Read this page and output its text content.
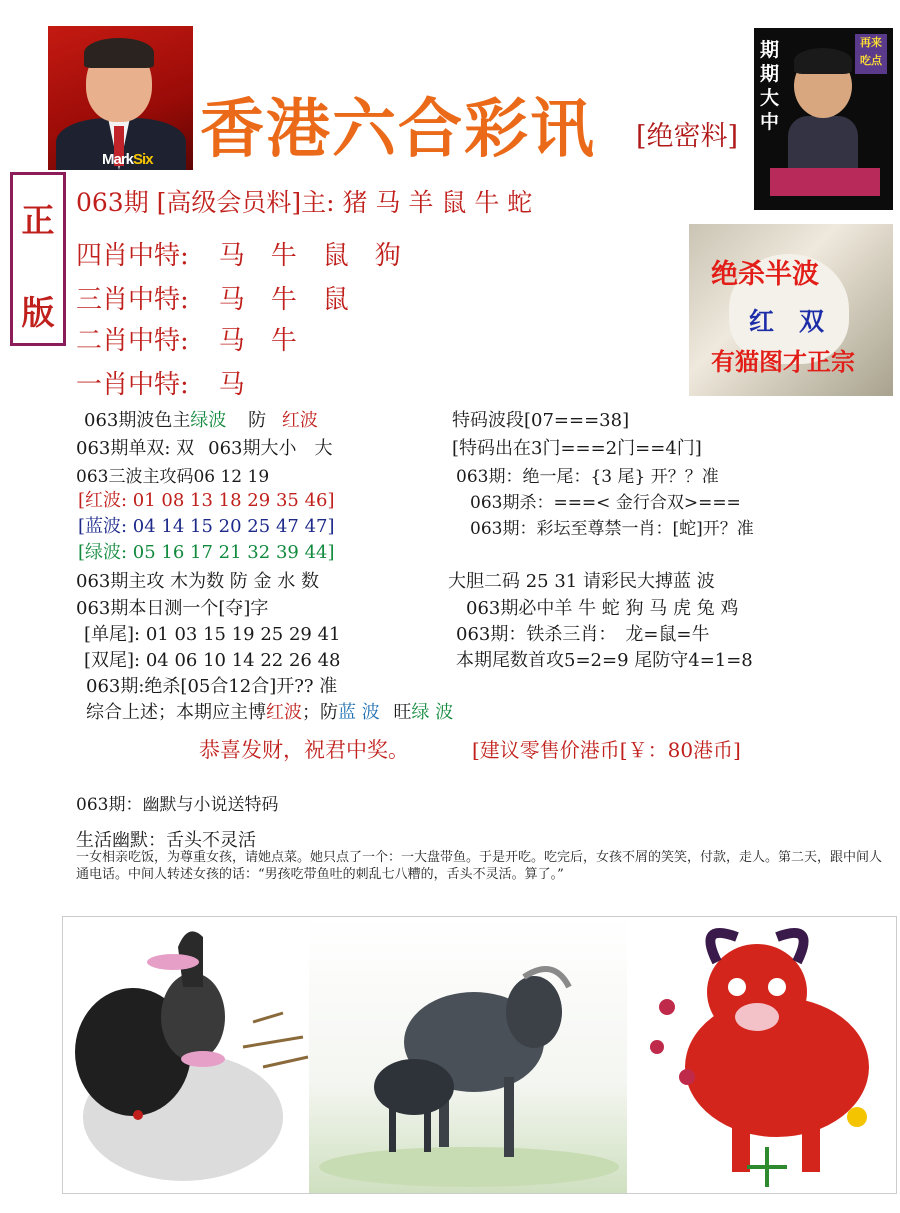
MarkSix 香港六合彩讯 [绝密料]
期期大中
再来吃点
正
版
063期 [高级会员料]主: 猪 马 羊 鼠 牛 蛇
四肖中特: 马　牛　鼠　狗
三肖中特: 马　牛　鼠
二肖中特: 马　牛
一肖中特: 马
绝杀半波
红　双
有猫图才正宗
063期波色主绿波 防 红波
063期单双: 双 063期大小　大
063三波主攻码06 12 19
[红波: 01 08 13 18 29 35 46]
[蓝波: 04 14 15 20 25 47 47]
[绿波: 05 16 17 21 32 39 44]
063期主攻 木为数 防 金 水 数
063期本日测一个[夺]字
[单尾]: 01 03 15 19 25 29 41
[双尾]: 04 06 10 14 22 26 48
063期:绝杀[05合12合]开?? 准
综合上述；本期应主博红波；防蓝 波 旺绿 波
特码波段[07===38]
[特码出在3门===2门==4门]
063期：绝一尾：{3 尾} 开？？准
063期杀：===< 金行合双>===
063期：彩坛至尊禁一肖：[蛇]开？准
大胆二码 25 31 请彩民大搏蓝 波
063期必中羊 牛 蛇 狗 马 虎 兔 鸡
063期：铁杀三肖：　龙=鼠=牛
本期尾数首攻5=2=9 尾防守4=1=8
恭喜发财，祝君中奖。	[建议零售价港币[￥：80港币]
063期：幽默与小说送特码
生活幽默：舌头不灵活
一女相亲吃饭，为尊重女孩，请她点菜。她只点了一个：一大盘带鱼。于是开吃。吃完后，女孩不屑的笑笑，付款，走人。第二天，跟中间人通电话。中间人转述女孩的话：“男孩吃带鱼吐的刺乱七八糟的，舌头不灵活。算了。”
